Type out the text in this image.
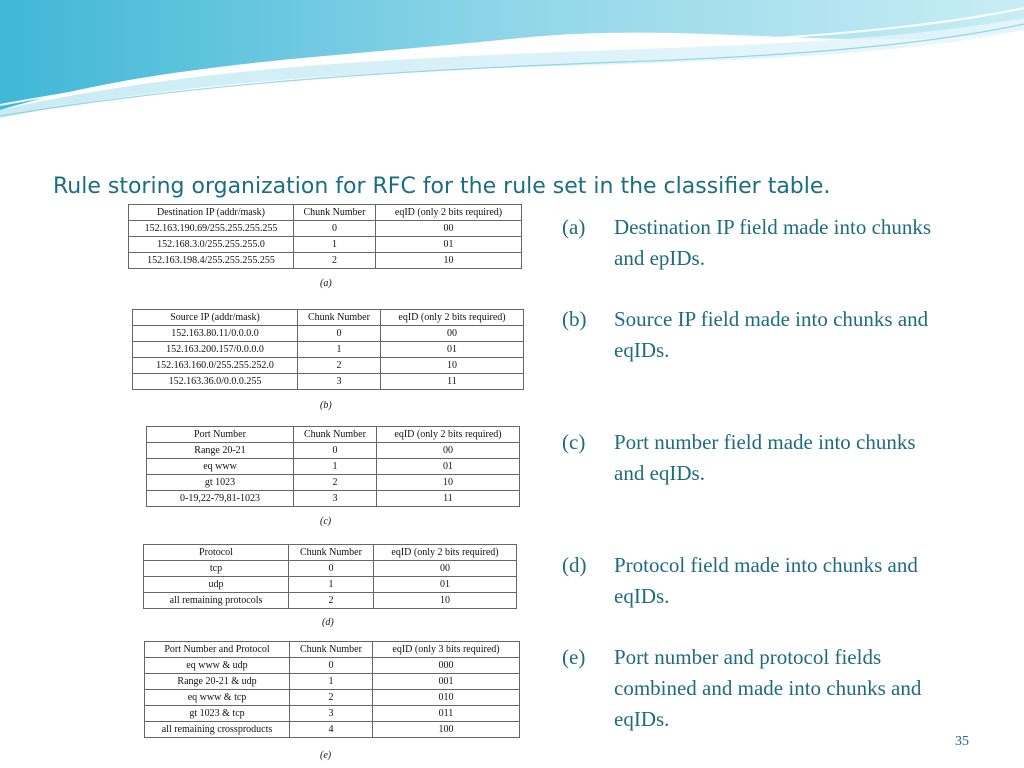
Rule storing organization for RFC for the rule set in the classifier table.
Destination IP (addr/mask)	Chunk Number	eqID (only 2 bits required)
152.163.190.69/255.255.255.255	0	00
152.168.3.0/255.255.255.0	1	01
152.163.198.4/255.255.255.255	2	10
(a)
Source IP (addr/mask)	Chunk Number	eqID (only 2 bits required)
152.163.80.11/0.0.0.0	0	00
152.163.200.157/0.0.0.0	1	01
152.163.160.0/255.255.252.0	2	10
152.163.36.0/0.0.0.255	3	11
(b)
Port Number	Chunk Number	eqID (only 2 bits required)
Range 20-21	0	00
eq www	1	01
gt 1023	2	10
0-19,22-79,81-1023	3	11
(c)
Protocol	Chunk Number	eqID (only 2 bits required)
tcp	0	00
udp	1	01
all remaining protocols	2	10
(d)
Port Number and Protocol	Chunk Number	eqID (only 3 bits required)
eq www & udp	0	000
Range 20-21 & udp	1	001
eq www & tcp	2	010
gt 1023 & tcp	3	011
all remaining crossproducts	4	100
(e)
(a) Destination IP field made into chunks and epIDs.
(b) Source IP field made into chunks and eqIDs.
(c) Port number field made into chunks and eqIDs.
(d) Protocol field made into chunks and eqIDs.
(e) Port number and protocol fields combined and made into chunks and eqIDs.
35
